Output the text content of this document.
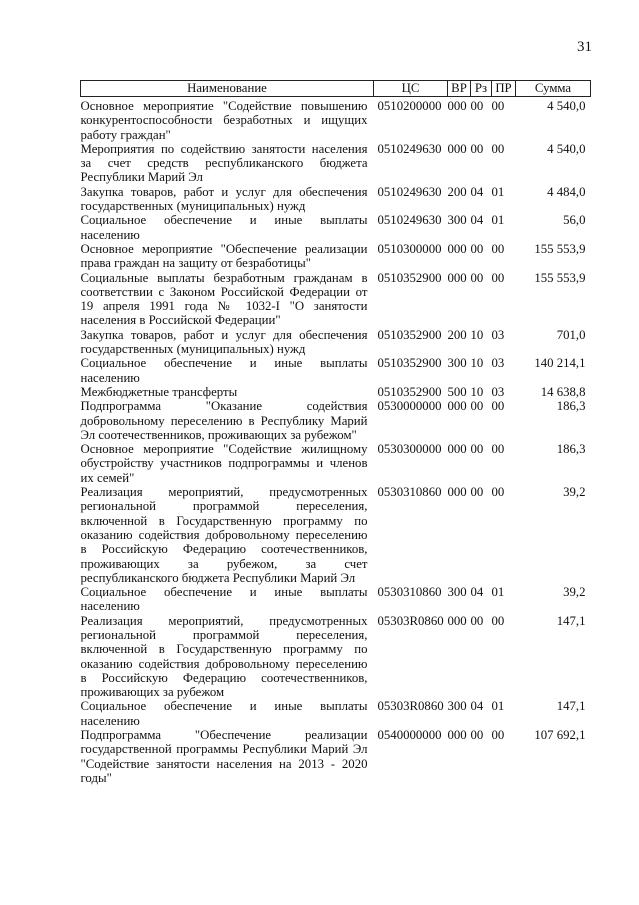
31
Наименование	ЦС	ВР	Рз	ПР	Сумма
Основное мероприятие "Содействие повышению конкурентоспособности безработных и ищущих работу граждан"	0510200000	000	00	00	4 540,0
Мероприятия по содействию занятости населения за счет средств республиканского бюджета Республики Марий Эл	0510249630	000	00	00	4 540,0
Закупка товаров, работ и услуг для обеспечения государственных (муниципальных) нужд	0510249630	200	04	01	4 484,0
Социальное обеспечение и иные выплаты населению	0510249630	300	04	01	56,0
Основное мероприятие "Обеспечение реализации права граждан на защиту от безработицы"	0510300000	000	00	00	155 553,9
Социальные выплаты безработным гражданам в соответствии с Законом Российской Федерации от 19 апреля 1991 года № 1032-I "О занятости населения в Российской Федерации"	0510352900	000	00	00	155 553,9
Закупка товаров, работ и услуг для обеспечения государственных (муниципальных) нужд	0510352900	200	10	03	701,0
Социальное обеспечение и иные выплаты населению	0510352900	300	10	03	140 214,1
Межбюджетные трансферты	0510352900	500	10	03	14 638,8
Подпрограмма "Оказание содействия добровольному переселению в Республику Марий Эл соотечественников, проживающих за рубежом"	0530000000	000	00	00	186,3
Основное мероприятие "Содействие жилищному обустройству участников подпрограммы и членов их семей"	0530300000	000	00	00	186,3
Реализация мероприятий, предусмотренных региональной программой переселения, включенной в Государственную программу по оказанию содействия добровольному переселению в Российскую Федерацию соотечественников, проживающих за рубежом, за счет республиканского бюджета Республики Марий Эл	0530310860	000	00	00	39,2
Социальное обеспечение и иные выплаты населению	0530310860	300	04	01	39,2
Реализация мероприятий, предусмотренных региональной программой переселения, включенной в Государственную программу по оказанию содействия добровольному переселению в Российскую Федерацию соотечественников, проживающих за рубежом	05303R0860	000	00	00	147,1
Социальное обеспечение и иные выплаты населению	05303R0860	300	04	01	147,1
Подпрограмма "Обеспечение реализации государственной программы Республики Марий Эл "Содействие занятости населения на 2013 - 2020 годы"	0540000000	000	00	00	107 692,1
